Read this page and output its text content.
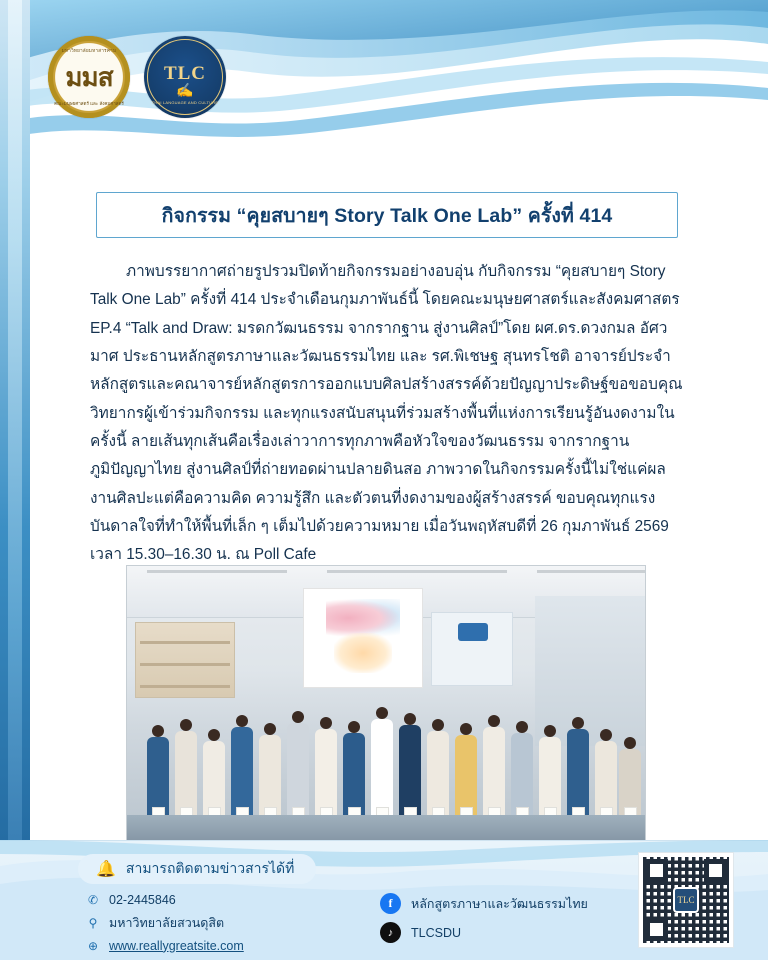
มหาวิทยาลัยมหาสารคาม
มมส
คณะมนุษยศาสตร์ และ สังคมศาสตร์
TLC
✍
THAI LANGUAGE AND CULTURE
กิจกรรม “คุยสบายๆ Story Talk One Lab” ครั้งที่ 414
ภาพบรรยากาศถ่ายรูปรวมปิดท้ายกิจกรรมอย่างอบอุ่น กับกิจกรรม “คุยสบายๆ Story Talk One Lab” ครั้งที่ 414 ประจำเดือนกุมภาพันธ์นี้ โดยคณะมนุษยศาสตร์และสังคมศาสตร EP.4 “Talk and Draw: มรดกวัฒนธรรม จากรากฐาน สู่งานศิลป์”โดย ผศ.ดร.ดวงกมล อัศวมาศ ประธานหลักสูตรภาษาและวัฒนธรรมไทย และ รศ.พิเชษฐ สุนทรโชติ อาจารย์ประจำหลักสูตรและคณาจารย์หลักสูตรการออกแบบศิลปสร้างสรรค์ด้วยปัญญาประดิษฐ์ขอขอบคุณวิทยากรผู้เข้าร่วมกิจกรรม และทุกแรงสนับสนุนที่ร่วมสร้างพื้นที่แห่งการเรียนรู้อันงดงามในครั้งนี้ ลายเส้นทุกเส้นคือเรื่องเล่าวาการทุกภาพคือหัวใจของวัฒนธรรม จากรากฐานภูมิปัญญาไทย สู่งานศิลป์ที่ถ่ายทอดผ่านปลายดินสอ ภาพวาดในกิจกรรมครั้งนี้ไม่ใช่แค่ผลงานศิลปะแต่คือความคิด ความรู้สึก และตัวตนที่งดงามของผู้สร้างสรรค์ ขอบคุณทุกแรงบันดาลใจที่ทำให้พื้นที่เล็ก ๆ เต็มไปด้วยความหมาย เมื่อวันพฤหัสบดีที่ 26 กุมภาพันธ์ 2569 เวลา 15.30–16.30 น. ณ Poll Cafe
🔔 สามารถติดตามข่าวสารได้ที่
✆ 02-2445846
⚲ มหาวิทยาลัยสวนดุสิต
⊕ www.reallygreatsite.com
f	หลักสูตรภาษาและวัฒนธรรมไทย
♪	TLCSDU
TLC
